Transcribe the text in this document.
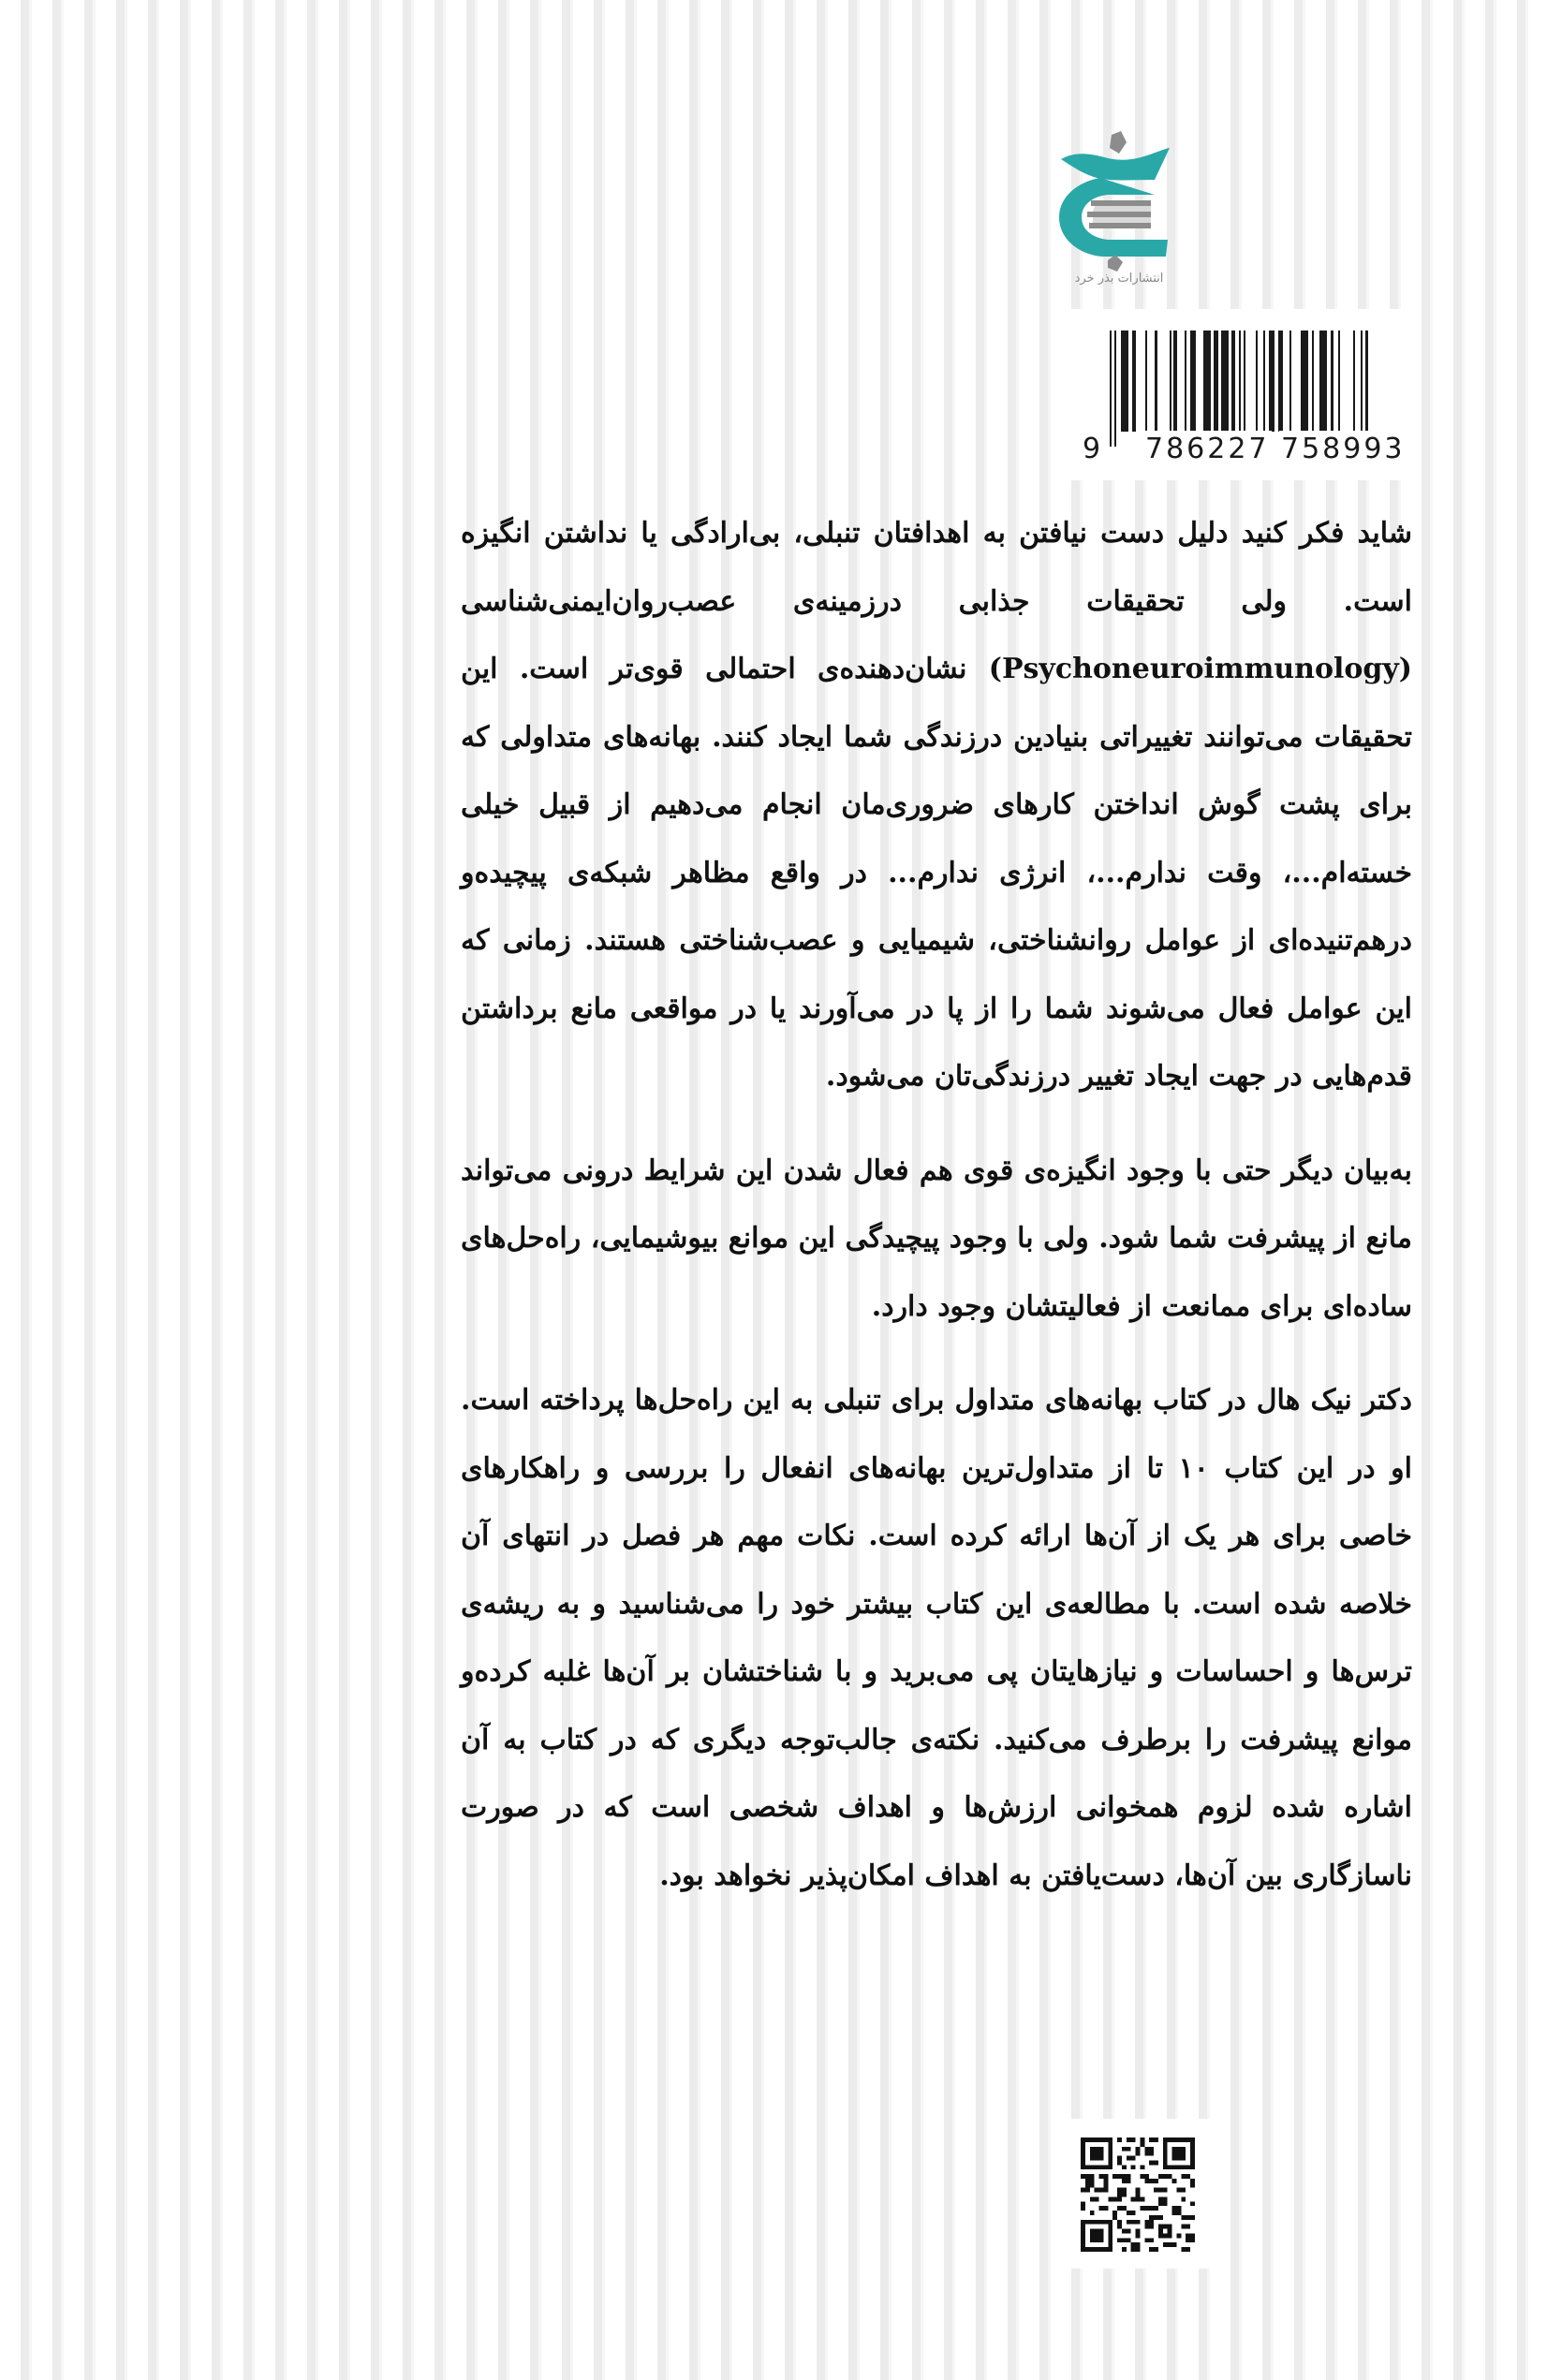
انتشارات بذر خرد
9 786227 758993

شاید فکر کنید دلیل دست نیافتن به اهدافتان تنبلی، بی‌ارادگی یا نداشتن انگیزه است. ولی تحقیقات جذابی درزمینه‌ی عصب‌روان‌ایمنی‌شناسی (Psychoneuroimmunology) نشان‌دهنده‌ی احتمالی قوی‌تر است. این تحقیقات می‌توانند تغییراتی بنیادین درزندگی شما ایجاد کنند. بهانه‌های متداولی که برای پشت گوش انداختن کارهای ضروری‌مان انجام می‌دهیم از قبیل خیلی خسته‌ام...، وقت ندارم...، انرژی ندارم... در واقع مظاهر شبکه‌ی پیچیده‌و درهم‌تنیده‌ای از عوامل روانشناختی، شیمیایی و عصب‌شناختی هستند. زمانی که این عوامل فعال می‌شوند شما را از پا در می‌آورند یا در مواقعی مانع برداشتن قدم‌هایی در جهت ایجاد تغییر درزندگی‌تان می‌شود.

به‌بیان دیگر حتی با وجود انگیزه‌ی قوی هم فعال شدن این شرایط درونی می‌تواند مانع از پیشرفت شما شود. ولی با وجود پیچیدگی این موانع بیوشیمایی، راه‌حل‌های ساده‌ای برای ممانعت از فعالیتشان وجود دارد.

دکتر نیک هال در کتاب بهانه‌های متداول برای تنبلی به این راه‌حل‌ها پرداخته است. او در این کتاب ۱۰ تا از متداول‌ترین بهانه‌های انفعال را بررسی و راهکارهای خاصی برای هر یک از آن‌ها ارائه کرده است. نکات مهم هر فصل در انتهای آن خلاصه شده است. با مطالعه‌ی این کتاب بیشتر خود را می‌شناسید و به ریشه‌ی ترس‌ها و احساسات و نیازهایتان پی می‌برید و با شناختشان بر آن‌ها غلبه کرده‌و موانع پیشرفت را برطرف می‌کنید. نکته‌ی جالب‌توجه دیگری که در کتاب به آن اشاره شده لزوم همخوانی ارزش‌ها و اهداف شخصی است که در صورت ناسازگاری بین آن‌ها، دست‌یافتن به اهداف امکان‌پذیر نخواهد بود.
